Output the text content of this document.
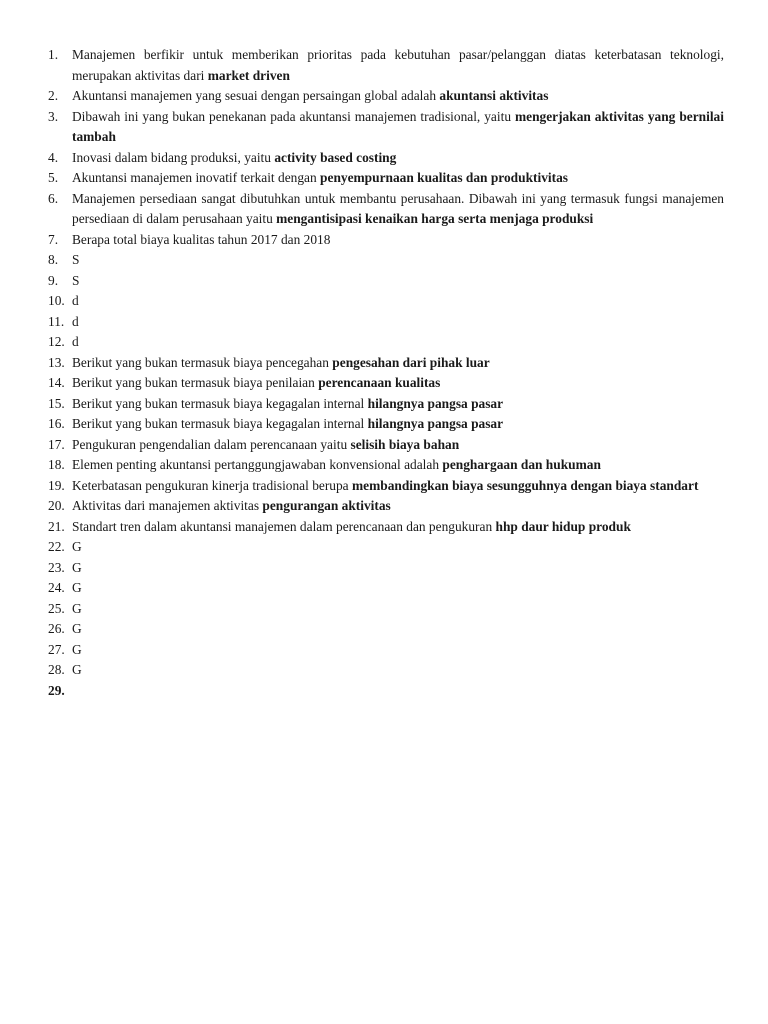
1.	Manajemen berfikir untuk memberikan prioritas pada kebutuhan pasar/pelanggan diatas keterbatasan teknologi, merupakan aktivitas dari market driven
2.	Akuntansi manajemen yang sesuai dengan persaingan global adalah akuntansi aktivitas
3.	Dibawah ini yang bukan penekanan pada akuntansi manajemen tradisional, yaitu mengerjakan aktivitas yang bernilai tambah
4.	Inovasi dalam bidang produksi, yaitu activity based costing
5.	Akuntansi manajemen inovatif terkait dengan penyempurnaan kualitas dan produktivitas
6.	Manajemen persediaan sangat dibutuhkan untuk membantu perusahaan. Dibawah ini yang termasuk fungsi manajemen persediaan di dalam perusahaan yaitu mengantisipasi kenaikan harga serta menjaga produksi
7.	Berapa total biaya kualitas tahun 2017 dan 2018
8.	S
9.	S
10. d
11. d
12. d
13. Berikut yang bukan termasuk biaya pencegahan pengesahan dari pihak luar
14. Berikut yang bukan termasuk biaya penilaian perencanaan kualitas
15. Berikut yang bukan termasuk biaya kegagalan internal hilangnya pangsa pasar
16. Berikut yang bukan termasuk biaya kegagalan internal hilangnya pangsa pasar
17. Pengukuran pengendalian dalam perencanaan yaitu selisih biaya bahan
18. Elemen penting akuntansi pertanggungjawaban konvensional adalah penghargaan dan hukuman
19. Keterbatasan pengukuran kinerja tradisional berupa membandingkan biaya sesungguhnya dengan biaya standart
20. Aktivitas dari manajemen aktivitas pengurangan aktivitas
21. Standart tren dalam akuntansi manajemen dalam perencanaan dan pengukuran hhp daur hidup produk
22. G
23. G
24. G
25. G
26. G
27. G
28. G
29.
